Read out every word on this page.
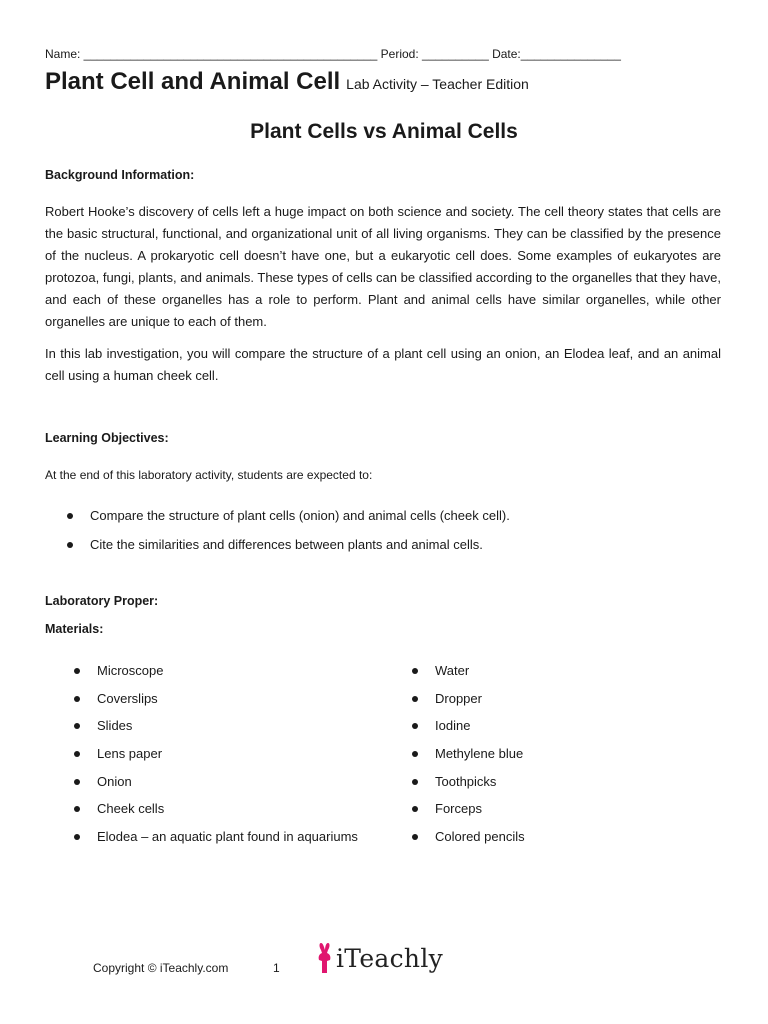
Name: ____________________________________________ Period: __________ Date:_______________
Plant Cell and Animal Cell Lab Activity – Teacher Edition
Plant Cells vs Animal Cells
Background Information:

Robert Hooke’s discovery of cells left a huge impact on both science and society. The cell theory states that cells are the basic structural, functional, and organizational unit of all living organisms. They can be classified by the presence of the nucleus. A prokaryotic cell doesn’t have one, but a eukaryotic cell does. Some examples of eukaryotes are protozoa, fungi, plants, and animals. These types of cells can be classified according to the organelles that they have, and each of these organelles has a role to perform. Plant and animal cells have similar organelles, while other organelles are unique to each of them.

In this lab investigation, you will compare the structure of a plant cell using an onion, an Elodea leaf, and an animal cell using a human cheek cell.

Learning Objectives:
At the end of this laboratory activity, students are expected to:
Compare the structure of plant cells (onion) and animal cells (cheek cell).
Cite the similarities and differences between plants and animal cells.
Laboratory Proper:
Materials:
Microscope
Coverslips
Slides
Lens paper
Onion
Cheek cells
Elodea – an aquatic plant found in aquariums
Water
Dropper
Iodine
Methylene blue
Toothpicks
Forceps
Colored pencils
Copyright © iTeachly.com	1 iTeachly
